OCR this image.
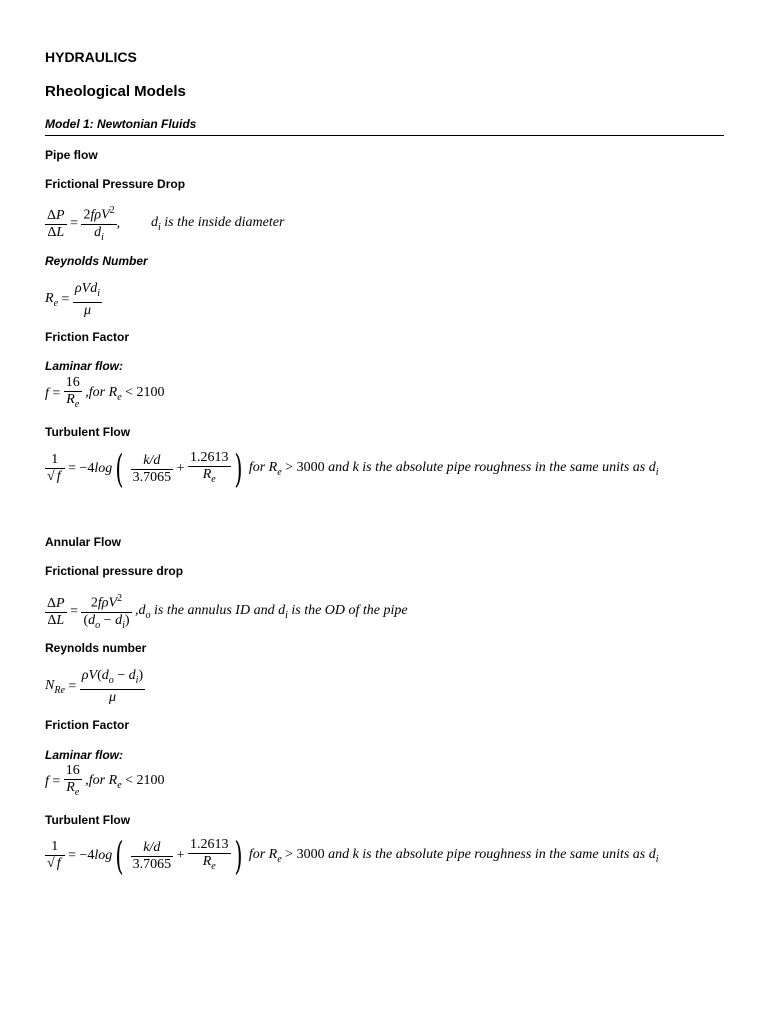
HYDRAULICS
Rheological Models
Model 1: Newtonian Fluids
Pipe flow
Frictional Pressure Drop
$\frac{\Delta P}{\Delta L} = \frac{2f\rho V^2}{d_i}$ , $d_i$ is the inside diameter
Reynolds Number
$R_e = \frac{\rho Vd_i}{\mu}$
Friction Factor
Laminar flow:
$f = \frac{16}{R_e} ,for$ $R_e < 2100$
Turbulent Flow
$\frac{1}{√ f} = -4\log( \frac{k/d}{3.7065} + \frac{1.2613}{R_e}$ ) for $R_e > 3000$ and k is the absolute pipe roughness in the same units as $d_i$
Annular Flow
Frictional pressure drop
$\frac{\Delta P}{\Delta L} = \frac{2f\rho V^2}{(d_o - d_i)} ,d_o$ is the annulus ID and $d_i$ is the OD of the pipe
Reynolds number
$N_{Re} = \frac{\rho V(d_o - d_i)}{\mu}$
Friction Factor
Laminar flow:
$f = \frac{16}{R_e} ,for$ $R_e < 2100$
Turbulent Flow
$\frac{1}{√ f} = -4\log( \frac{k/d}{3.7065} + \frac{1.2613}{R_e}$ ) for $R_e > 3000$ and k is the absolute pipe roughness in the same units as $d_i$
